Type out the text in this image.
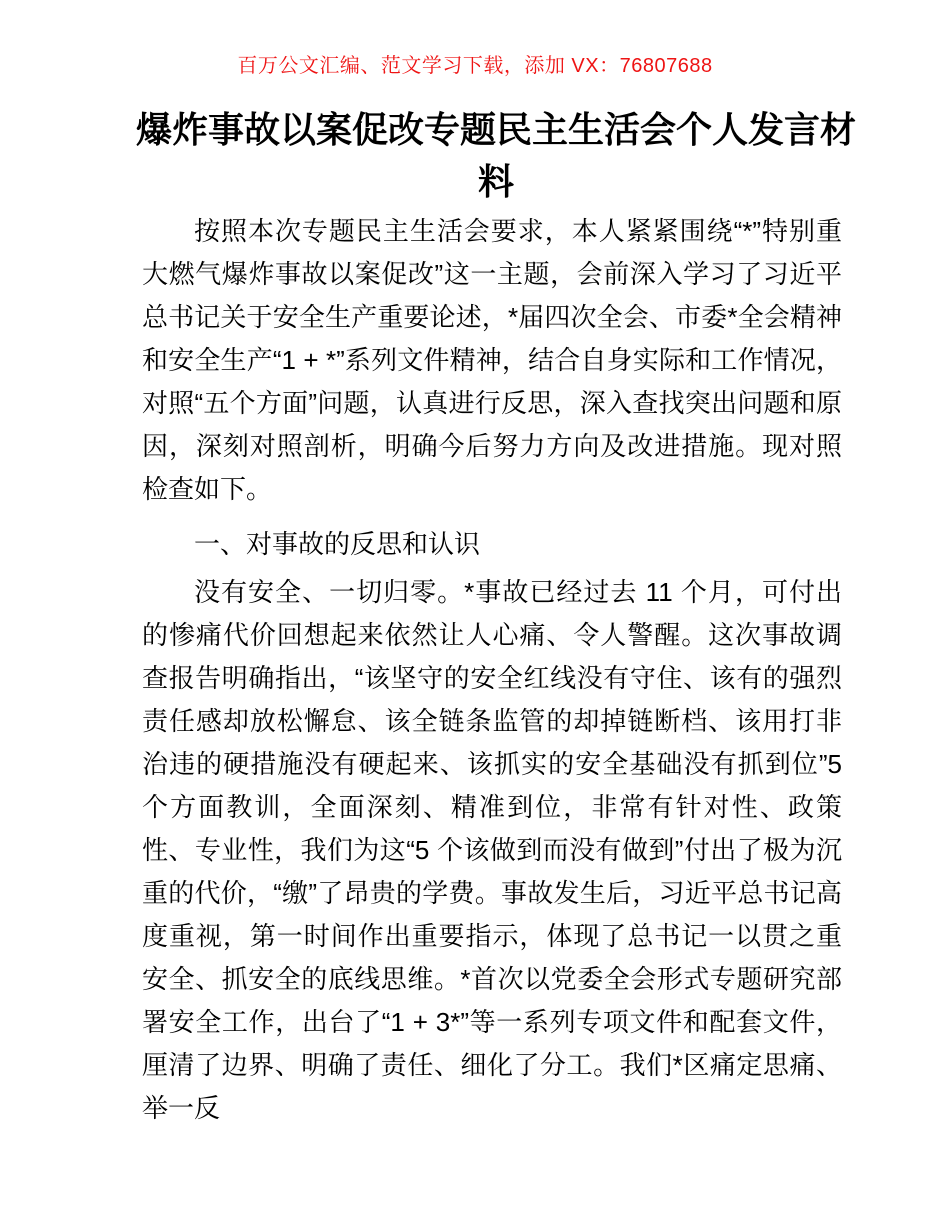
百万公文汇编、范文学习下载，添加 VX：76807688
爆炸事故以案促改专题民主生活会个人发言材料

按照本次专题民主生活会要求，本人紧紧围绕“*”特别重大燃气爆炸事故以案促改”这一主题，会前深入学习了习近平总书记关于安全生产重要论述，*届四次全会、市委*全会精神和安全生产“1 + *”系列文件精神，结合自身实际和工作情况，对照“五个方面”问题，认真进行反思，深入查找突出问题和原因，深刻对照剖析，明确今后努力方向及改进措施。现对照检查如下。

一、对事故的反思和认识

没有安全、一切归零。*事故已经过去 11 个月，可付出的惨痛代价回想起来依然让人心痛、令人警醒。这次事故调查报告明确指出，“该坚守的安全红线没有守住、该有的强烈责任感却放松懈怠、该全链条监管的却掉链断档、该用打非治违的硬措施没有硬起来、该抓实的安全基础没有抓到位”5 个方面教训，全面深刻、精准到位，非常有针对性、政策性、专业性，我们为这“5 个该做到而没有做到”付出了极为沉重的代价，“缴”了昂贵的学费。事故发生后，习近平总书记高度重视，第一时间作出重要指示，体现了总书记一以贯之重安全、抓安全的底线思维。*首次以党委全会形式专题研究部署安全工作，出台了“1 + 3*”等一系列专项文件和配套文件，厘清了边界、明确了责任、细化了分工。我们*区痛定思痛、举一反
